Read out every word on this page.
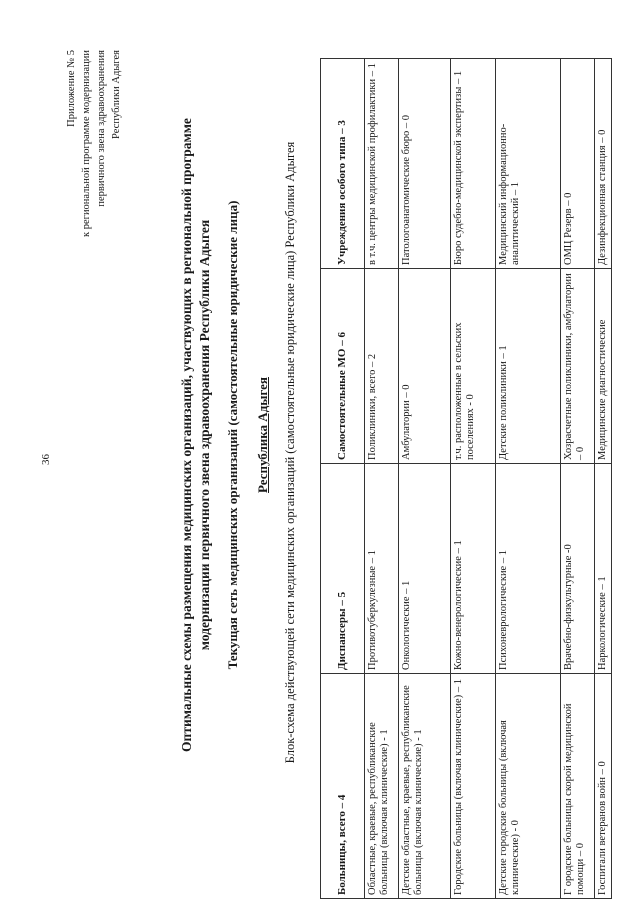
36
Приложение № 5 к региональной программе модернизации первичного звена здравоохранения Республики Адыгея
Оптимальные схемы размещения медицинских организаций, участвующих в региональной программе модернизации первичного звена здравоохранения Республики Адыгея Текущая сеть медицинских организаций (самостоятельные юридические лица) Республика Адыгея Блок-схема действующей сети медицинских организаций (самостоятельные юридические лица) Республики Адыгея
Больницы, всего – 4	Диспансеры – 5	Самостоятельные МО – 6	Учреждения особого типа – 3
Областные, краевые, республиканские больницы (включая клинические) - 1	Противотуберкулезные – 1	Поликлиники, всего – 2	в т.ч. центры медицинской профилактики – 1
Детские областные, краевые, республиканские больницы (включая клинические) - 1	Онкологические – 1	Амбулатории – 0	Патологоанатомические бюро – 0
Городские больницы (включая клинические) – 1	Кожно-венерологические – 1	т.ч. расположенные в сельских поселениях - 0	Бюро судебно-медицинской экспертизы – 1
Детские городские больницы (включая клинические) - 0	Психоневрологические – 1	Детские поликлиники – 1	Медицинский информационно-аналитический – 1
Г ородские больницы скорой медицинской помощи – 0	Врачебно-физкультурные -0	Хозрасчетные поликлиники, амбулатории – 0	ОМЦ Резерв – 0
Госпитали ветеранов войн – 0	Наркологические – 1	Медицинские диагностические	Дезинфекционная станция – 0
